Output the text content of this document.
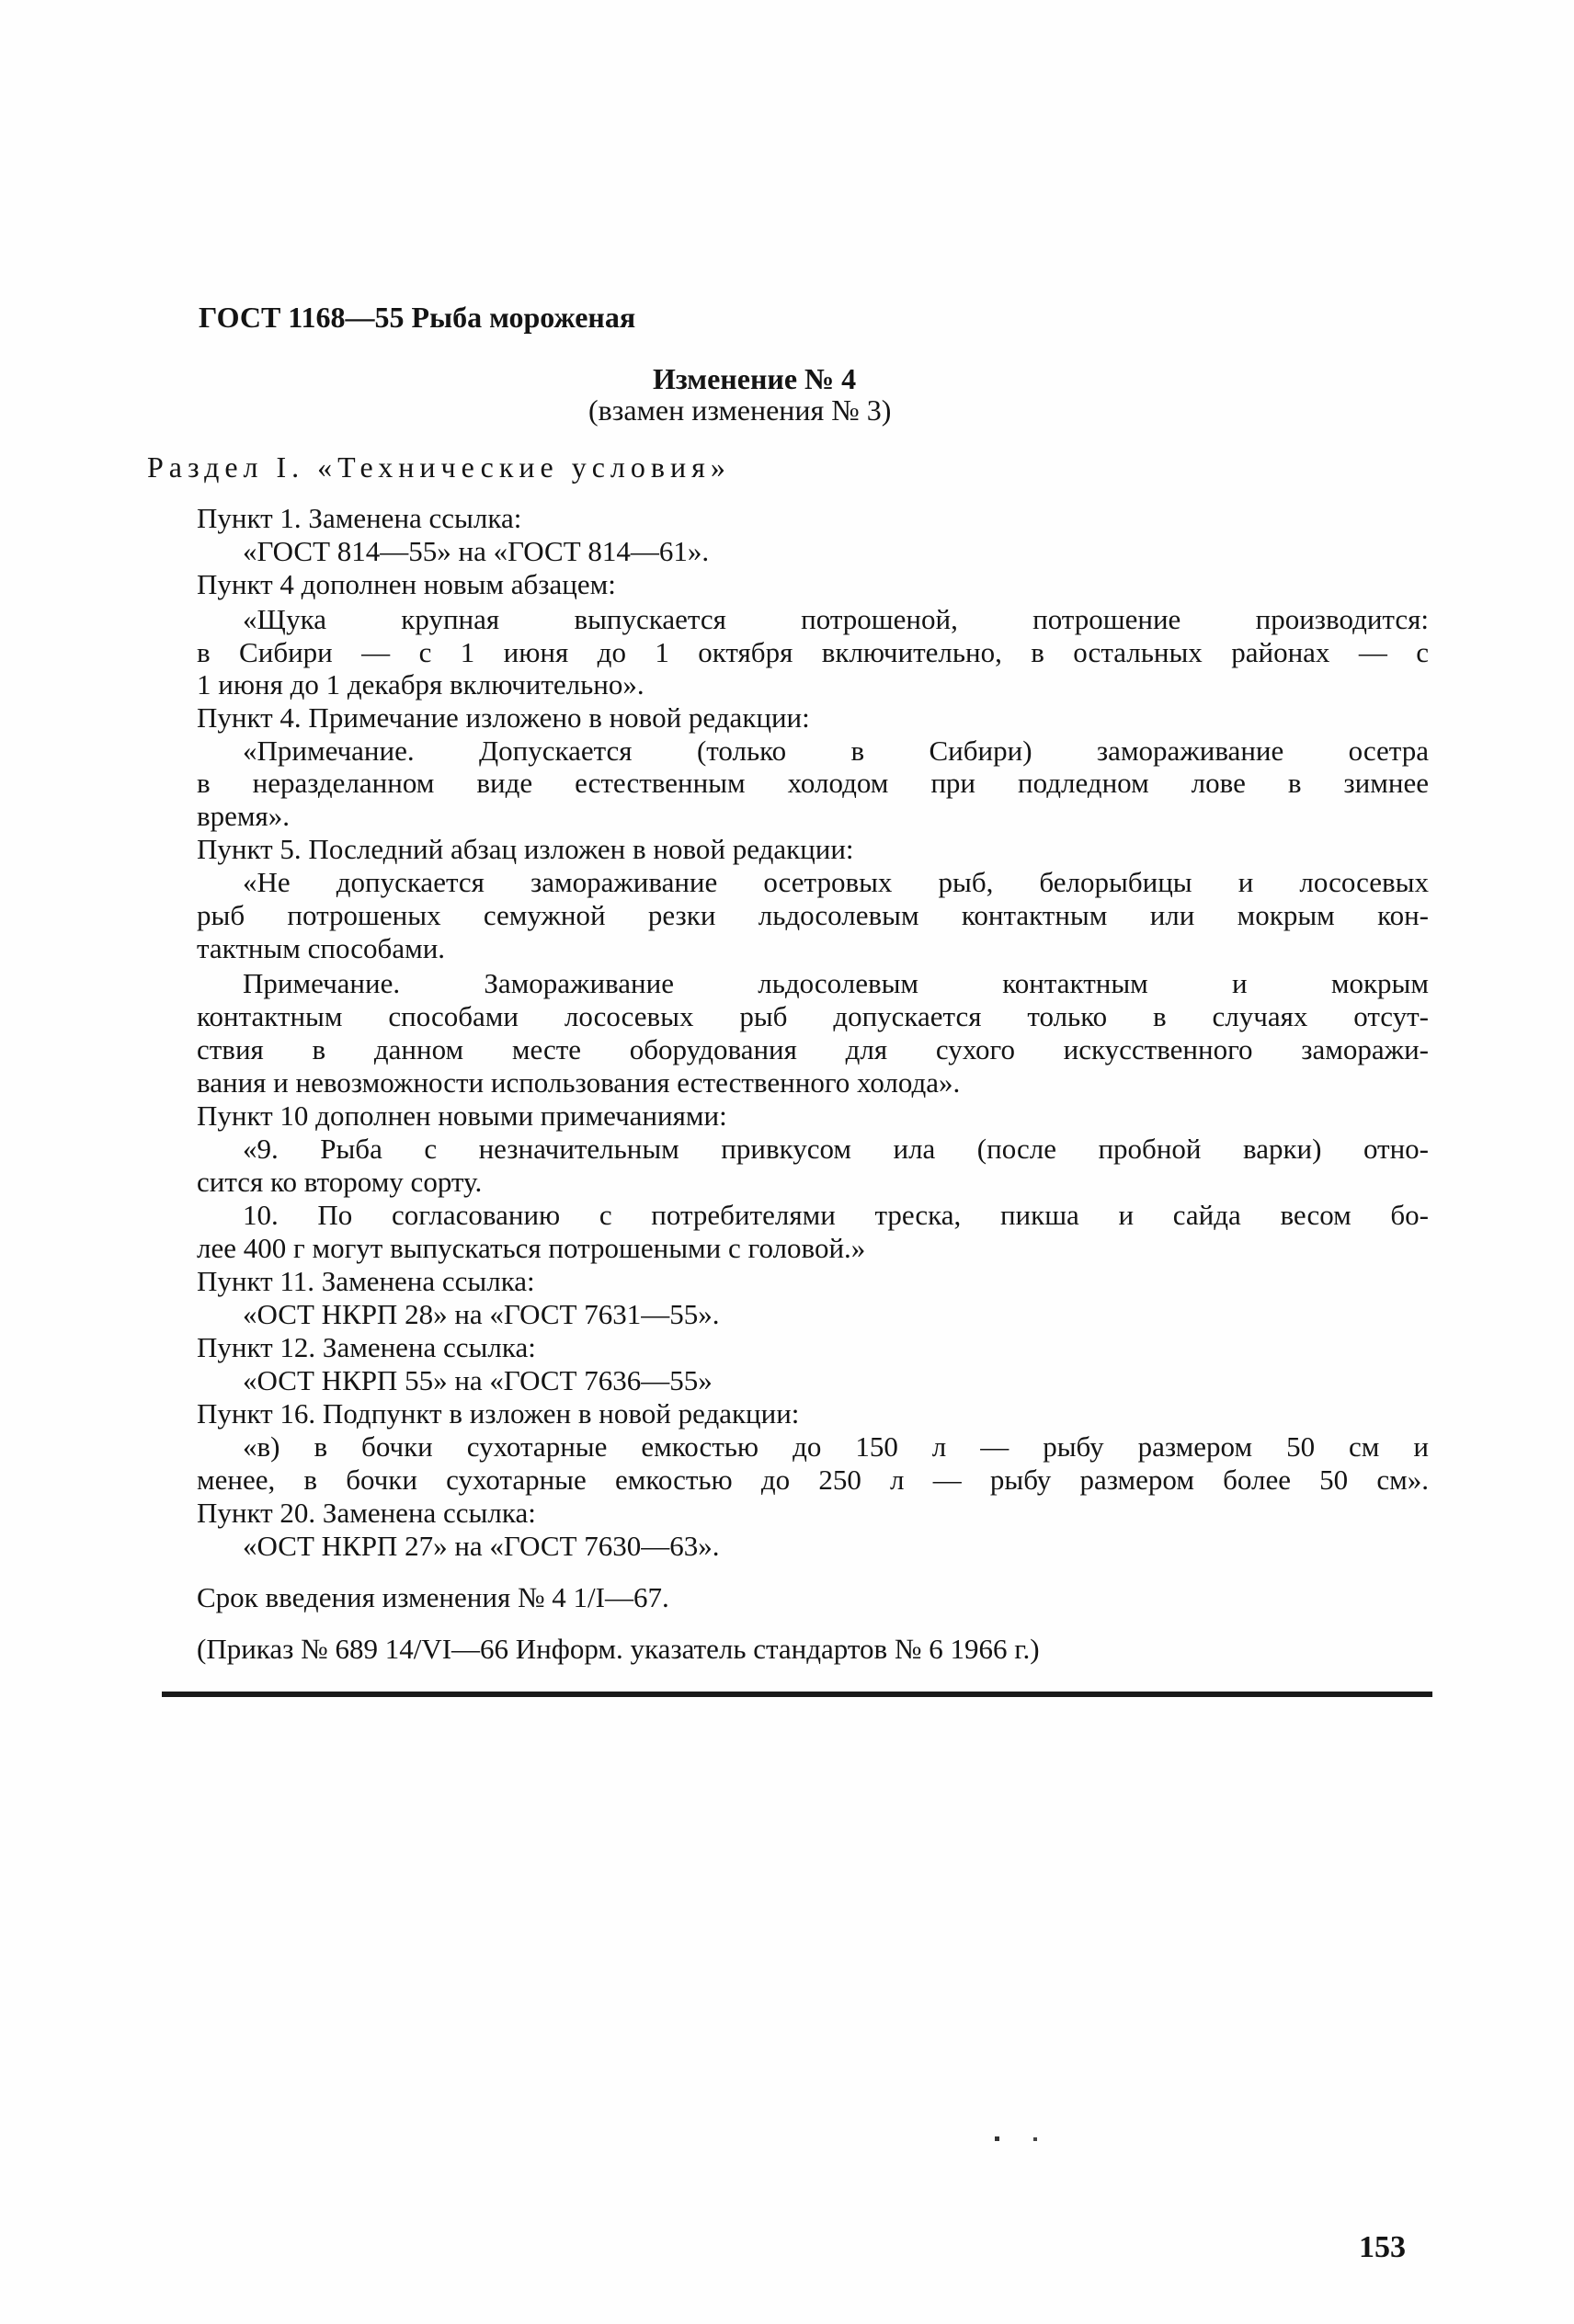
ГОСТ 1168—55 Рыба мороженая
Изменение № 4
(взамен изменения № 3)
Раздел I. «Технические условия»
Пункт 1. Заменена ссылка:
«ГОСТ 814—55» на «ГОСТ 814—61».
Пункт 4 дополнен новым абзацем:
«Щука крупная выпускается потрошеной, потрошение производится:
в Сибири — с 1 июня до 1 октября включительно, в остальных районах — с
1 июня до 1 декабря включительно».
Пункт 4. Примечание изложено в новой редакции:
«Примечание. Допускается (только в Сибири) замораживание осетра
в неразделанном виде естественным холодом при подледном лове в зимнее
время».
Пункт 5. Последний абзац изложен в новой редакции:
«Не допускается замораживание осетровых рыб, белорыбицы и лососевых
рыб потрошеных семужной резки льдосолевым контактным или мокрым кон-
тактным способами.
Примечание. Замораживание льдосолевым контактным и мокрым
контактным способами лососевых рыб допускается только в случаях отсут-
ствия в данном месте оборудования для сухого искусственного заморажи-
вания и невозможности использования естественного холода».
Пункт 10 дополнен новыми примечаниями:
«9. Рыба с незначительным привкусом ила (после пробной варки) отно-
сится ко второму сорту.
10. По согласованию с потребителями треска, пикша и сайда весом бо-
лее 400 г могут выпускаться потрошеными с головой.»
Пункт 11. Заменена ссылка:
«ОСТ НКРП 28» на «ГОСТ 7631—55».
Пункт 12. Заменена ссылка:
«ОСТ НКРП 55» на «ГОСТ 7636—55»
Пункт 16. Подпункт в изложен в новой редакции:
«в) в бочки сухотарные емкостью до 150 л — рыбу размером 50 см и
менее, в бочки сухотарные емкостью до 250 л — рыбу размером более 50 см».
Пункт 20. Заменена ссылка:
«ОСТ НКРП 27» на «ГОСТ 7630—63».
Срок введения изменения № 4 1/I—67.
(Приказ № 689 14/VI—66 Информ. указатель стандартов № 6 1966 г.)
153
